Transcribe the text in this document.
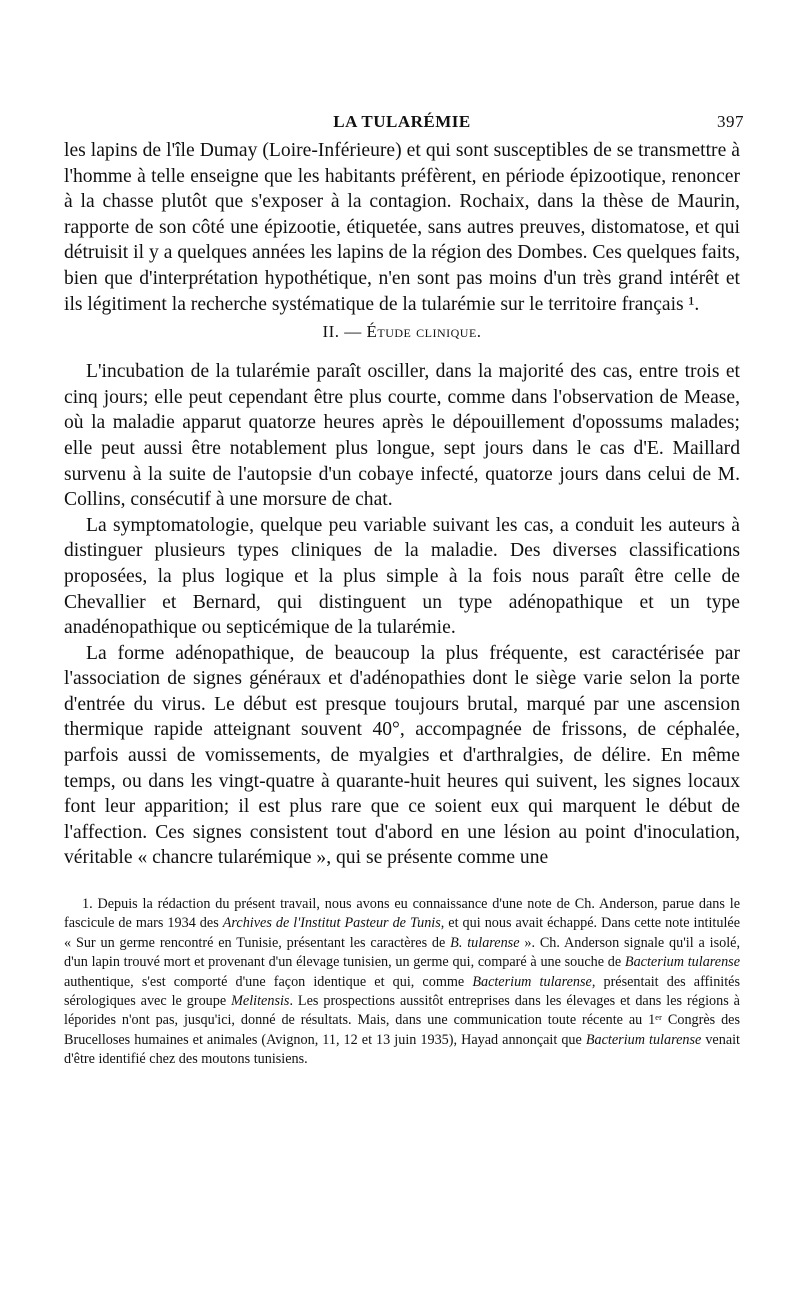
LA TULARÉMIE	397

les lapins de l'île Dumay (Loire-Inférieure) et qui sont susceptibles de se transmettre à l'homme à telle enseigne que les habitants préfèrent, en période épizootique, renoncer à la chasse plutôt que s'exposer à la contagion. Rochaix, dans la thèse de Maurin, rapporte de son côté une épizootie, étiquetée, sans autres preuves, distomatose, et qui détruisit il y a quelques années les lapins de la région des Dombes. Ces quelques faits, bien que d'interprétation hypothétique, n'en sont pas moins d'un très grand intérêt et ils légitiment la recherche systématique de la tularémie sur le territoire français ¹.

II. — Étude clinique.

L'incubation de la tularémie paraît osciller, dans la majorité des cas, entre trois et cinq jours; elle peut cependant être plus courte, comme dans l'observation de Mease, où la maladie apparut quatorze heures après le dépouillement d'opossums malades; elle peut aussi être notablement plus longue, sept jours dans le cas d'E. Maillard survenu à la suite de l'autopsie d'un cobaye infecté, quatorze jours dans celui de M. Collins, consécutif à une morsure de chat.

La symptomatologie, quelque peu variable suivant les cas, a conduit les auteurs à distinguer plusieurs types cliniques de la maladie. Des diverses classifications proposées, la plus logique et la plus simple à la fois nous paraît être celle de Chevallier et Bernard, qui distinguent un type adénopathique et un type anadénopathique ou septicémique de la tularémie.

La forme adénopathique, de beaucoup la plus fréquente, est caractérisée par l'association de signes généraux et d'adénopathies dont le siège varie selon la porte d'entrée du virus. Le début est presque toujours brutal, marqué par une ascension thermique rapide atteignant souvent 40°, accompagnée de frissons, de céphalée, parfois aussi de vomissements, de myalgies et d'arthralgies, de délire. En même temps, ou dans les vingt-quatre à quarante-huit heures qui suivent, les signes locaux font leur apparition; il est plus rare que ce soient eux qui marquent le début de l'affection. Ces signes consistent tout d'abord en une lésion au point d'inoculation, véritable « chancre tularémique », qui se présente comme une

1. Depuis la rédaction du présent travail, nous avons eu connaissance d'une note de Ch. Anderson, parue dans le fascicule de mars 1934 des Archives de l'Institut Pasteur de Tunis, et qui nous avait échappé. Dans cette note intitulée « Sur un germe rencontré en Tunisie, présentant les caractères de B. tularense ». Ch. Anderson signale qu'il a isolé, d'un lapin trouvé mort et provenant d'un élevage tunisien, un germe qui, comparé à une souche de Bacterium tularense authentique, s'est comporté d'une façon identique et qui, comme Bacterium tularense, présentait des affinités sérologiques avec le groupe Melitensis. Les prospections aussitôt entreprises dans les élevages et dans les régions à léporides n'ont pas, jusqu'ici, donné de résultats. Mais, dans une communication toute récente au 1ᵉʳ Congrès des Brucelloses humaines et animales (Avignon, 11, 12 et 13 juin 1935), Hayad annonçait que Bacterium tularense venait d'être identifié chez des moutons tunisiens.
